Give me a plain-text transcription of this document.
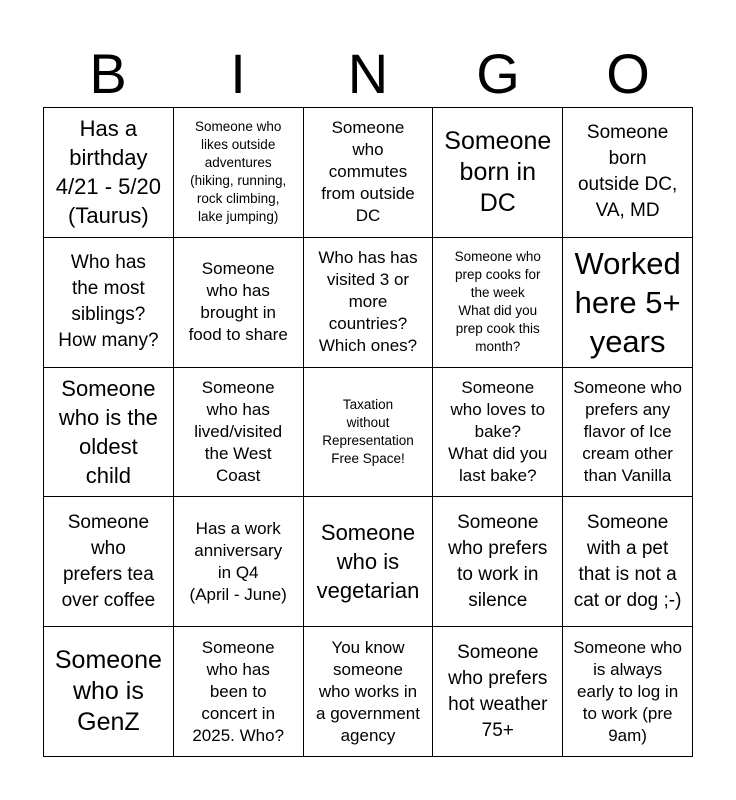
B	I	N	G	O
Has a
birthday
4/21 - 5/20
(Taurus)
Someone who
likes outside
adventures
(hiking, running,
rock climbing,
lake jumping)
Someone
who
commutes
from outside
DC
Someone
born in
DC
Someone
born
outside DC,
VA, MD
Who has
the most
siblings?
How many?
Someone
who has
brought in
food to share
Who has has
visited 3 or
more
countries?
Which ones?
Someone who
prep cooks for
the week
What did you
prep cook this
month?
Worked
here 5+
years
Someone
who is the
oldest
child
Someone
who has
lived/visited
the West
Coast
Taxation
without
Representation
Free Space!
Someone
who loves to
bake?
What did you
last bake?
Someone who
prefers any
flavor of Ice
cream other
than Vanilla
Someone
who
prefers tea
over coffee
Has a work
anniversary
in Q4
(April - June)
Someone
who is
vegetarian
Someone
who prefers
to work in
silence
Someone
with a pet
that is not a
cat or dog ;-)
Someone
who is
GenZ
Someone
who has
been to
concert in
2025. Who?
You know
someone
who works in
a government
agency
Someone
who prefers
hot weather
75+
Someone who
is always
early to log in
to work (pre
9am)
